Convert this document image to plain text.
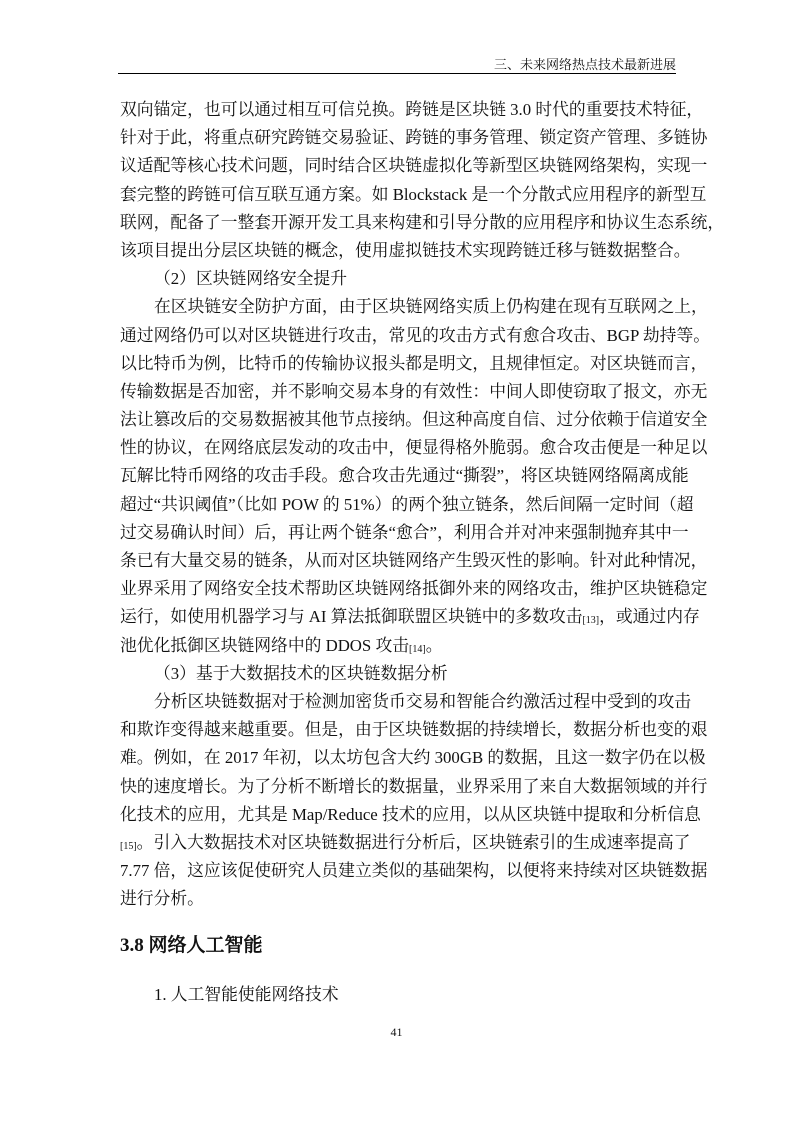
三、未来网络热点技术最新进展
双向锚定，也可以通过相互可信兑换。跨链是区块链 3.0 时代的重要技术特征，
针对于此，将重点研究跨链交易验证、跨链的事务管理、锁定资产管理、多链协
议适配等核心技术问题，同时结合区块链虚拟化等新型区块链网络架构，实现一
套完整的跨链可信互联互通方案。如 Blockstack 是一个分散式应用程序的新型互
联网，配备了一整套开源开发工具来构建和引导分散的应用程序和协议生态系统，
该项目提出分层区块链的概念，使用虚拟链技术实现跨链迁移与链数据整合。
（2）区块链网络安全提升
在区块链安全防护方面，由于区块链网络实质上仍构建在现有互联网之上，
通过网络仍可以对区块链进行攻击，常见的攻击方式有愈合攻击、BGP 劫持等。
以比特币为例，比特币的传输协议报头都是明文，且规律恒定。对区块链而言，
传输数据是否加密，并不影响交易本身的有效性：中间人即使窃取了报文，亦无
法让篡改后的交易数据被其他节点接纳。但这种高度自信、过分依赖于信道安全
性的协议，在网络底层发动的攻击中，便显得格外脆弱。愈合攻击便是一种足以
瓦解比特币网络的攻击手段。愈合攻击先通过“撕裂”，将区块链网络隔离成能
超过“共识阈值”（比如 POW 的 51%）的两个独立链条，然后间隔一定时间（超
过交易确认时间）后，再让两个链条“愈合”，利用合并对冲来强制抛弃其中一
条已有大量交易的链条，从而对区块链网络产生毁灭性的影响。针对此种情况，
业界采用了网络安全技术帮助区块链网络抵御外来的网络攻击，维护区块链稳定
运行，如使用机器学习与 AI 算法抵御联盟区块链中的多数攻击$_{[13]}$，或通过内存
池优化抵御区块链网络中的 DDOS 攻击$_{[14]}$。
（3）基于大数据技术的区块链数据分析
分析区块链数据对于检测加密货币交易和智能合约激活过程中受到的攻击
和欺诈变得越来越重要。但是，由于区块链数据的持续增长，数据分析也变的艰
难。例如，在 2017 年初，以太坊包含大约 300GB 的数据，且这一数字仍在以极
快的速度增长。为了分析不断增长的数据量，业界采用了来自大数据领域的并行
化技术的应用，尤其是 Map/Reduce 技术的应用，以从区块链中提取和分析信息
$_{[15]}$。引入大数据技术对区块链数据进行分析后，区块链索引的生成速率提高了
7.77 倍，这应该促使研究人员建立类似的基础架构，以便将来持续对区块链数据
进行分析。
3.8 网络人工智能
1. 人工智能使能网络技术
41
